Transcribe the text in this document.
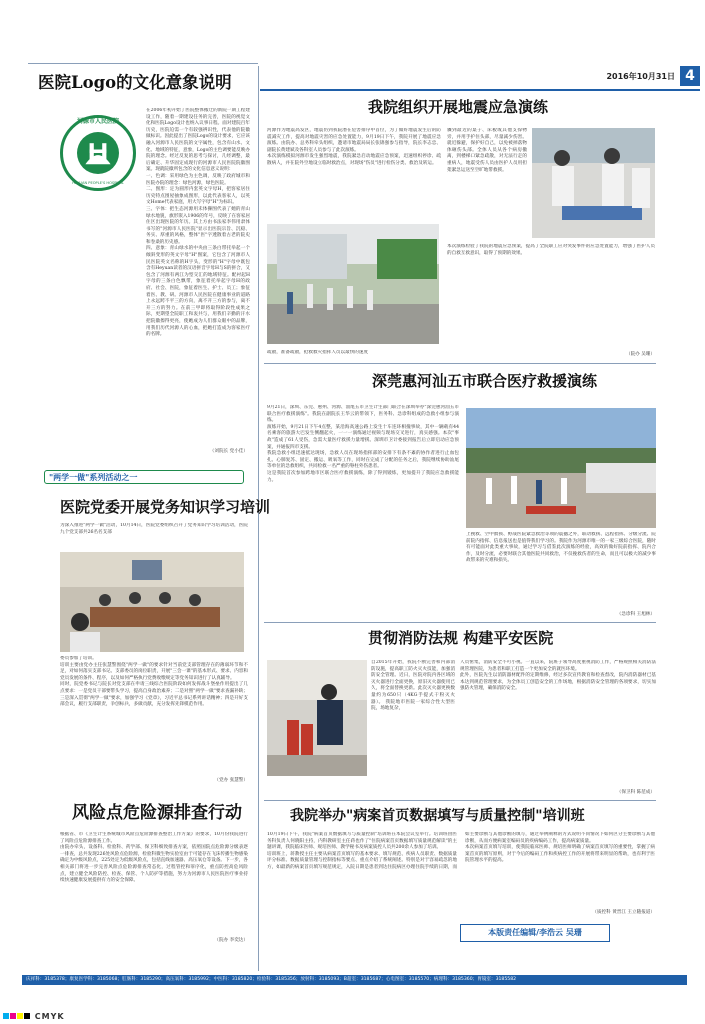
2016年10月31日 4
医院Logo的文化意象说明
河源市人民医院
HEYUAN PEOPLE'S HOSPITAL
在2006年初开始了医院整体搬迁的新院一期工程建设工作，随着一期建设任务的完善，医院的视觉文化和医院Logo设计也纳入议事日程。面对建院百年历史，医院迫需一个有较强辨识性，代表他的院徽做标识。因此提出了医院Logo的设计要求，它应该融入河源市人民医院的文字属性，包含有山水、文化、地域的特征，意象，Logo的主色调要能反映办院的理念。经过反复的思考与探讨，几经调整，最后确定、升华固定成现行的河源市人民医院院徽图案。现就院徽所包含的文化信息意义说明：
一、色调：采用绿色为主色调，反映了政府城市和医院办院的理念：绿色河源，绿色医院。
二、图形：定为圆形内套英文字母H，把客家居住历史特点围屋抽象成图形，以此代表客家人，以英文Home代表家庭，用大写字母"H"为标识。
三、字体：把生态河源用未体操图代表了她的青山绿水地貌，旗形嵌入1906的年号，反映了在客家居住区出现医院的年历。其上方由书法家李伟用隶体书写的"河源市人民医院"显示出医院宗旨、沉稳、务实、厚重的风格，整体"医"字透散着古老的院史和卷桑的历史感。
四、意象：青山绿水的中央由三条白带托举起一个倾斜变形的英文字母"H"图案，它包含了河源市人民医院英文名称的H字头，变形的"H"字母中既包含有Heyuan读者的汉语拼音字母H与S的拼合，又包含了河源有两江为型交汇的地域特征。配衬起H字母的三条白色飘带，象征着托举起字母H的政府、社会、医院，象征着医生、护士、员工；象征着医、教、研。河源市人民医院在健康事业的道路上永远跨不平三的方向，离不开三方的参与，离不开三方的努力。在前三甲即将取得阶段性成果之际，更期望全院职工和衷共与，用我们辛勤的汗水把院徽擦得更亮，使她成为人们群众眼中的品牌，用我们历代河源人的心血，把她打造成为客家医疗的名牌。
（刘院长 党小佳）
"两学一做"系列活动之一
医院党委开展党务知识学习培训
为深入推进"两学一做"活动，10月14日，医院党委组织召开了党务知识学习培训活动，医院九个党支部共26名名支部
委员参加了培训。
培训主要由党办主任张慧警围绕"两学一做"的要求针对当前党支部管理存在的薄弱环节和不足，对如何落实支部书记、支部委员的岗位职责，开展"三会一课"的基本形式、要求、内容和党员发展的条件、程序，以及如何严格执行党费收缴规定等党务知识进行了认真辅导。
同时，院党委书记与院长对党支部在申请三线综合医院阶段如何发挥战斗堡垒作用提出了几点要求：一是党员干部要带头学习，提高自身政治素养；二是对照"两学一做"要求查漏补缺；三是深入贯彻"两学一做"要求，加强学习《党章》，习近平总书记系列讲话精神；四是开好支部会议，履行支部职责，争创标兵，多做贡献，充分发挥先锋模范作用。
（党办 张慧警）
风险点危险源排查行动
根据省、市《卫生计生系统城市风险点危险源排查整治工作方案》的要求，10月份我院进行了风险点危险源排查工作。
由院办牵头，设备科、检验科、药学部、保卫科细致排查方案，依照国院点危险源分级表逐一排查，总共发现226处风险点危险源，检验科微生物实验室由于可能存在飞沫传播生物感染确定为中级风险点，225处定为低级风险点，包括直线加速器、高压氧仓等设备。下一步，各相关部门将进一步完善风险点危险源排查常态化，过程管控和罪序化，重点防控高危风险点，建立健全风险防控、检查、保管、个人防护等措施，努力为河源市人民医院医疗事业持续快速健康发展提供有力的安全保障。
（院办 李奕达）
我院组织开展地震应急演练
河源作为地震高发区，地震仿到我院潜在危害排序中首位，为了做好地震发生后的防震减灾工作，提高对地震灾害的应急处置能力，9月19日下午，我院开展了地震应急演练。由院办、总务科牵头组织，邀请市地震局局长张锦强参与指导，院长李志忠、副院长黄建斌及各科室人员参与了此次演练。
本次演练模拟河源市发生强烈地震，我院紧急启动地震应急预案，迅速组织停诊、疏散病人，并在院外空地设立临时救治点，对现场"伤员"进行检伤分类、救治及转运。
疏散，准备疏散，抢救救灾指挥人员以最快的速度
骤到最近的桌子、床板或其他支撑物旁，并用手护住头部，尽量减少伤害。就近躲避，保护好自己，以免被掉落物体砸伤头部。全体人员从各个病房撤离，到楼梯口紧急疏散，对无法行走的重病人，地震受伤人员由医护人员用担架紧急运送至空旷地带救援。
本次演练检验了我院的地震应急预案，提高了全院职工应对突发事件的应急处置能力，增强了医护人员的自救互救意识，取得了预期的效果。
（院办 吴珊）
深莞惠河汕五市联合医疗救援演练
9月21日，深圳、东莞、惠州、河源、汕尾五市卫生计生部门联合在深圳举办"深莞惠河汕五市联合医疗救援演练"。我院在副院长王华云的带领下，医务科、急诊科组成的急救小组参与演练。
演练开始，9月21日下午4点整，某沿海高速公路上发生十车连环相撞事故，其中一辆载有44名乘客的旅游大巴发生侧翻起火，一一一演练通过视频与现场交叉进行，真实感强。本次"事故"造成了61人受伤，急需大量医疗救援力量增援。深圳市卫计委接到报告后立即启动应急预案，并通报四市支援。
我院急救小组迅速抵达现场，急救人员在现场指挥部的安排下有条不紊的协作者进行止血包扎、心肺复苏、固定、搬运、吸氧等工作，同时在完成了分配的任务之后，我院继续协助汕尾等单位的急救组织，共同检救一名严重的脊柱外伤患者。
这是我院首次参加跨地市区联合医疗救援演练，除了得到锻炼，更加提升了我院应急救援能力。
上搜救、空中救援、野战医院紧急救治等项的震撼之外，联动救援、远程指挥、分级分流、院前院内指挥、信息报送也是值得我们学习的。我院作为河源市唯一的一家三级综合医院，随时有可能面对此类重大事故，通过学习与借鉴此次演练的经验，高效的做好院前指挥、院内合作，及时分流，必要时联合其他医院共同救治，不仅挽救伤者的生命，而且可以极大的减少事故带来的灾难和损失。
（急诊科 王旭林）
贯彻消防法规 构建平安医院
自2015年开始，我院不断完善和内部消防设施，提高职工防火灭火技能，加强消防安全管理。近日，医院对院内各区域的灭火器进行全面更换，原旧灭火器使用已久，将全面替换更新。此次灭火器更换数量约为650只（4KG手提式干粉灭火器）。 我院地市医院一家综合性大型医院，场地复杂，
人员密集，消防安全不可小视。一直以来，院班子领导高度重视消防工作，严格规照相关消防法规管理医院，为患者和职工打造一个更加安全的就医环境。
此外，医院先生以消防器材配件的定期维修，经过多次宣传教育和检查督改，院内消防器材已基本达到规范管理要求，为全体员工创造安全的工作场地，根据消防安全管理的各项要求，切实加强防火管理，确保消防安全。
（保卫科 陈范成）
我院举办"病案首页数据填写与质量控制"培训班
10月19日下午，我院"病案首页数据填写与质量控制"培训班在本院会议室举行。培训班由医务科负责人何晓阳主持，内科教研室主任蒋也作了"住院病案首页数据填写质量规范解读"的主题讲课，我院临床医师、规培医师、教学秘书及病案质控人员共200余人参加了培训。
培训班上，蒋教授主任主要从病案首页填写的基本要求、填写规范、疾病人员职责、数据质量评分标准、数据质量管理与控制指标等要点、重点介绍了系统阐述。特别是对于容易疏忽的地方，如最新的病案首页填写规范规定，入院日期是患者到达住院病区办理住院手续的日期，而如主要诊断与其他诊断的填写，通过举例阐释的方式说明不同情况下如何区分主要诊断与其他诊断，从而方便病案室编码员的疾病编码工作，提高病案质量。
本次病案首页填写培训，使我院临床医师、规培医师明确了病案首页填写的重要性，掌握了病案首页的填写原则，对于今后的编码工作和疾病控工作的开展将带来明显的帮助，也有利于医院管理水平的提高。
（质控科 黄晋江 王立随报道）
本版责任编辑/李浩云 吴珊
庆祥科：3185378；康复医学科：3185068；肛肠科：3185290；高压氧科：3185992；中医科：3185820；检验科：3185356；放射科：3185093；B超室：3185687；心电图室：3185570；病理科：3185360；胃镜室：3185582
CMYK
